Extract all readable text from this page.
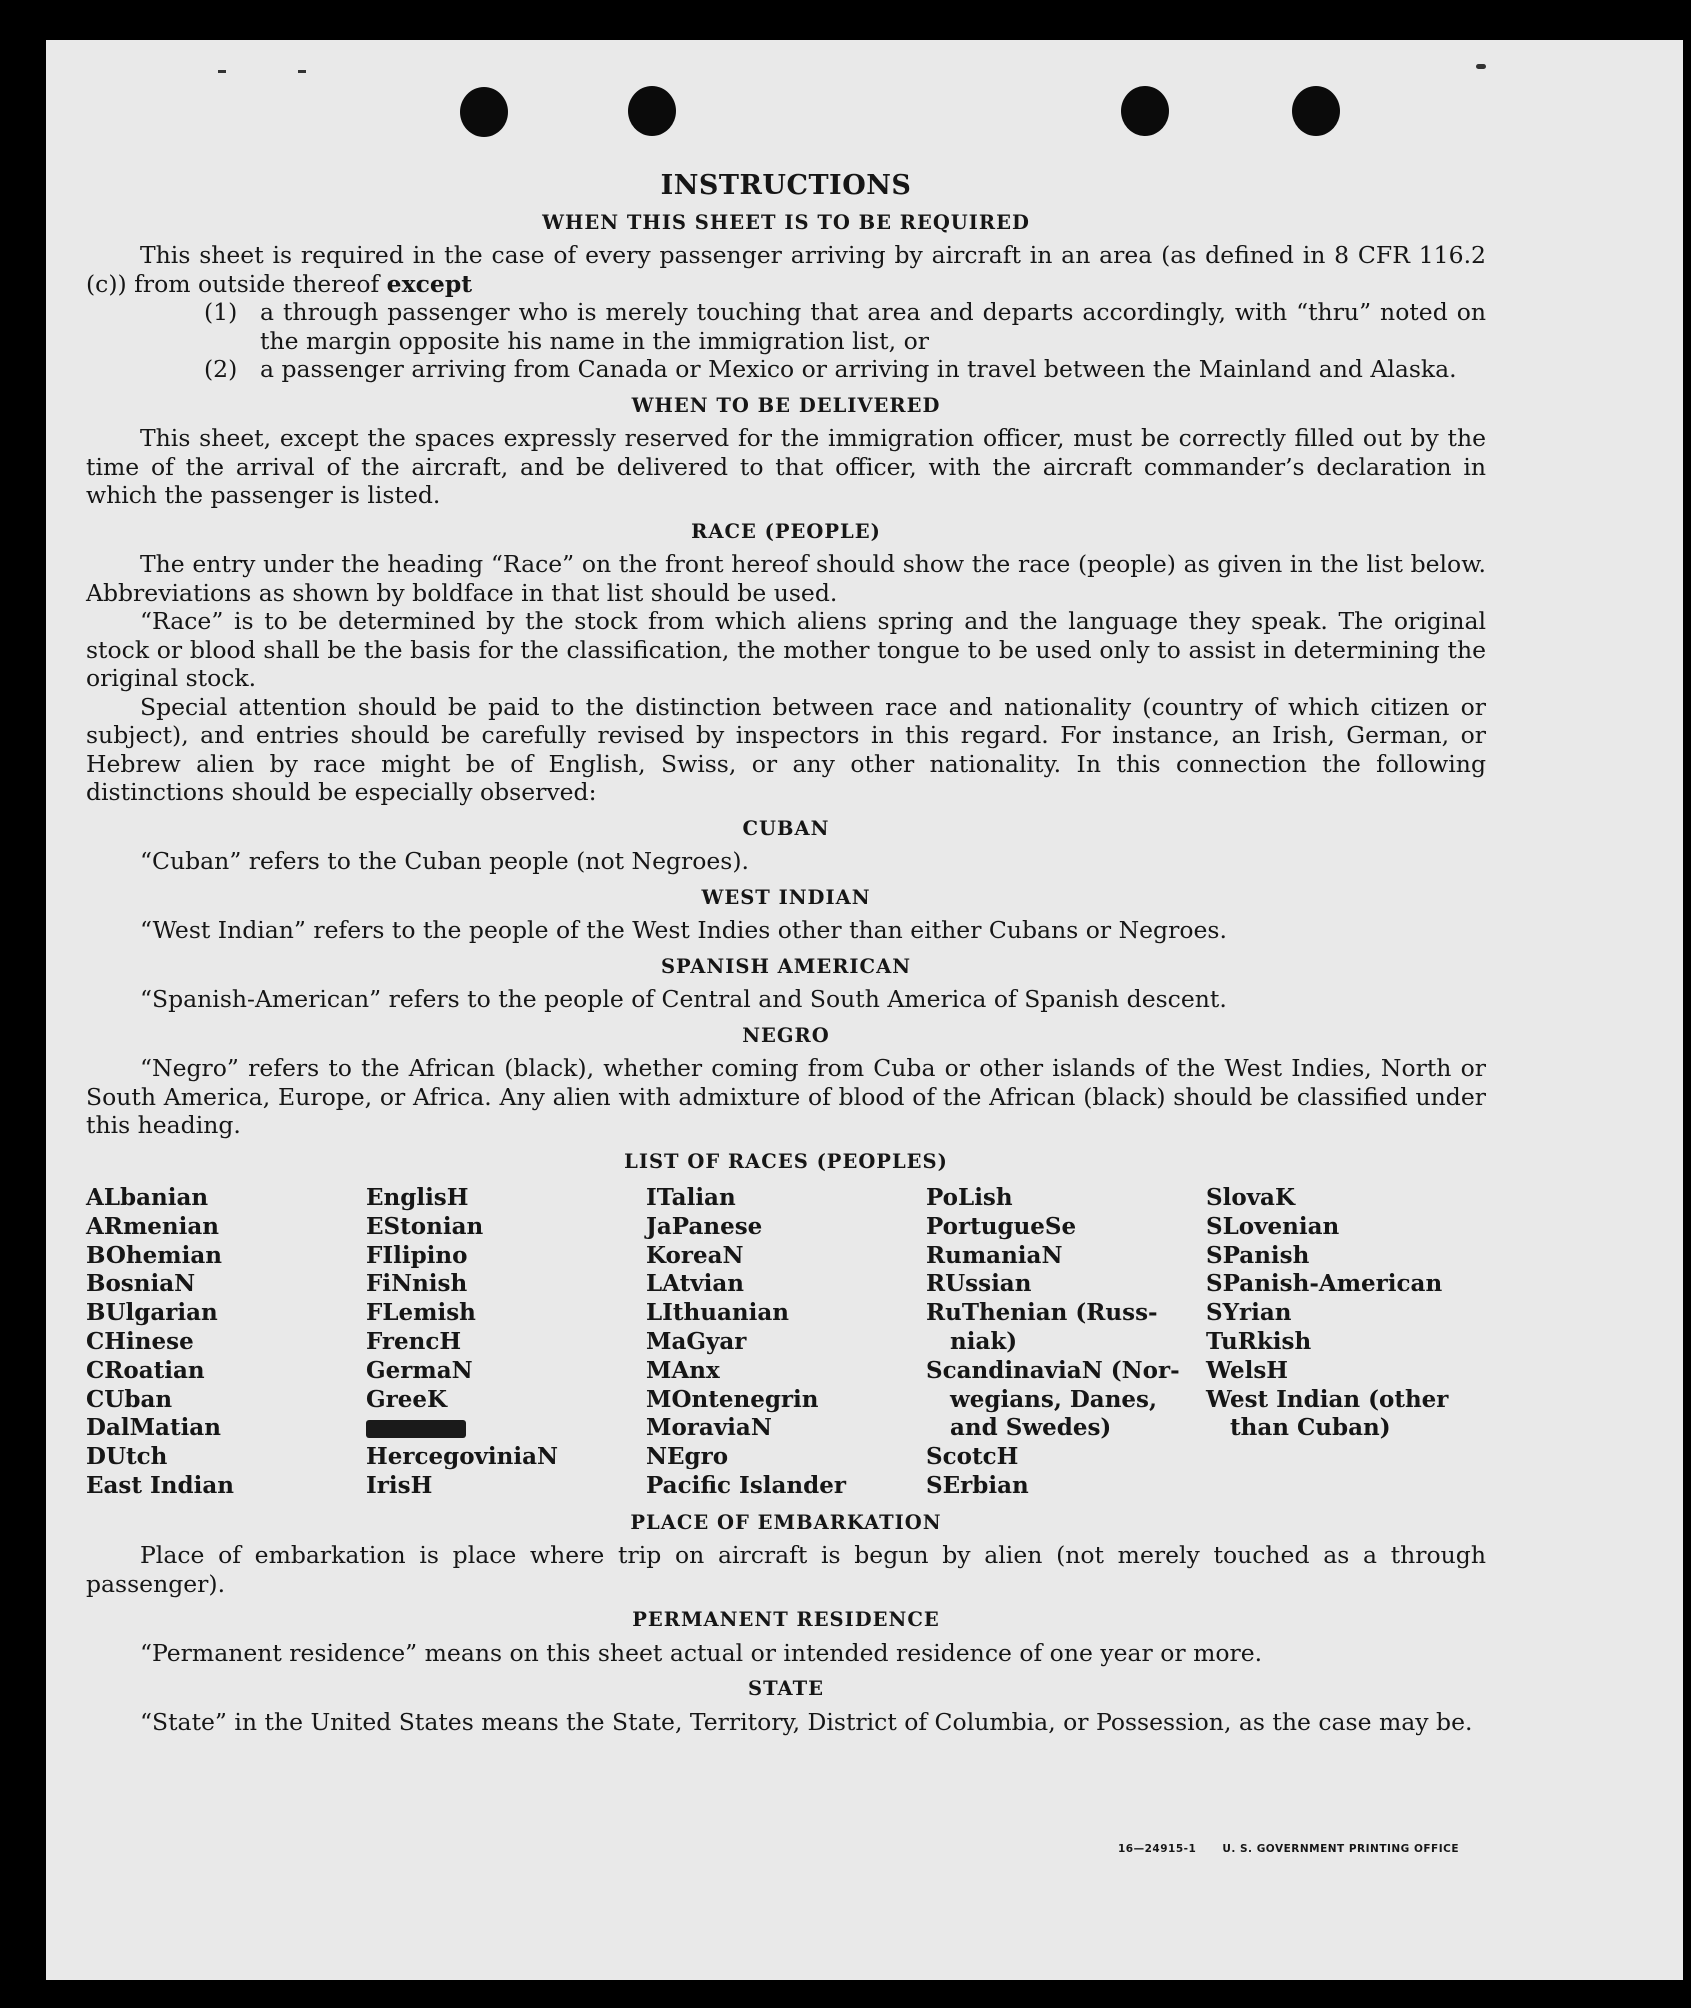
INSTRUCTIONS
WHEN THIS SHEET IS TO BE REQUIRED

This sheet is required in the case of every passenger arriving by aircraft in an area (as defined in 8 CFR 116.2 (c)) from outside thereof except

(1) a through passenger who is merely touching that area and departs accordingly, with “thru” noted on the margin opposite his name in the immigration list, or
(2) a passenger arriving from Canada or Mexico or arriving in travel between the Mainland and Alaska.
WHEN TO BE DELIVERED

This sheet, except the spaces expressly reserved for the immigration officer, must be correctly filled out by the time of the arrival of the aircraft, and be delivered to that officer, with the aircraft commander’s declaration in which the passenger is listed.

RACE (PEOPLE)

The entry under the heading “Race” on the front hereof should show the race (people) as given in the list below. Abbreviations as shown by boldface in that list should be used.

“Race” is to be determined by the stock from which aliens spring and the language they speak. The original stock or blood shall be the basis for the classification, the mother tongue to be used only to assist in determining the original stock.

Special attention should be paid to the distinction between race and nationality (country of which citizen or subject), and entries should be carefully revised by inspectors in this regard. For instance, an Irish, German, or Hebrew alien by race might be of English, Swiss, or any other nationality. In this connection the following distinctions should be especially observed:

CUBAN

“Cuban” refers to the Cuban people (not Negroes).

WEST INDIAN

“West Indian” refers to the people of the West Indies other than either Cubans or Negroes.

SPANISH AMERICAN

“Spanish-American” refers to the people of Central and South America of Spanish descent.

NEGRO

“Negro” refers to the African (black), whether coming from Cuba or other islands of the West Indies, North or South America, Europe, or Africa. Any alien with admixture of blood of the African (black) should be classified under this heading.

LIST OF RACES (PEOPLES)
ALbanian
ARmenian
BOhemian
BosniaN
BUlgarian
CHinese
CRoatian
CUban
DalMatian
DUtch
East Indian
EnglisH
EStonian
FIlipino
FiNnish
FLemish
FrencH
GermaN
GreeK
HercegoviniaN
IrisH
ITalian
JaPanese
KoreaN
LAtvian
LIthuanian
MaGyar
MAnx
MOntenegrin
MoraviaN
NEgro
Pacific Islander
PoLish
PortugueSe
RumaniaN
RUssian
RuThenian (Russ-
niak)
ScandinaviaN (Nor-
wegians, Danes,
and Swedes)
ScotcH
SErbian
SlovaK
SLovenian
SPanish
SPanish-American
SYrian
TuRkish
WelsH
West Indian (other
than Cuban)
PLACE OF EMBARKATION

Place of embarkation is place where trip on aircraft is begun by alien (not merely touched as a through passenger).

PERMANENT RESIDENCE

“Permanent residence” means on this sheet actual or intended residence of one year or more.

STATE

“State” in the United States means the State, Territory, District of Columbia, or Possession, as the case may be.

16—24915-1 U. S. GOVERNMENT PRINTING OFFICE
